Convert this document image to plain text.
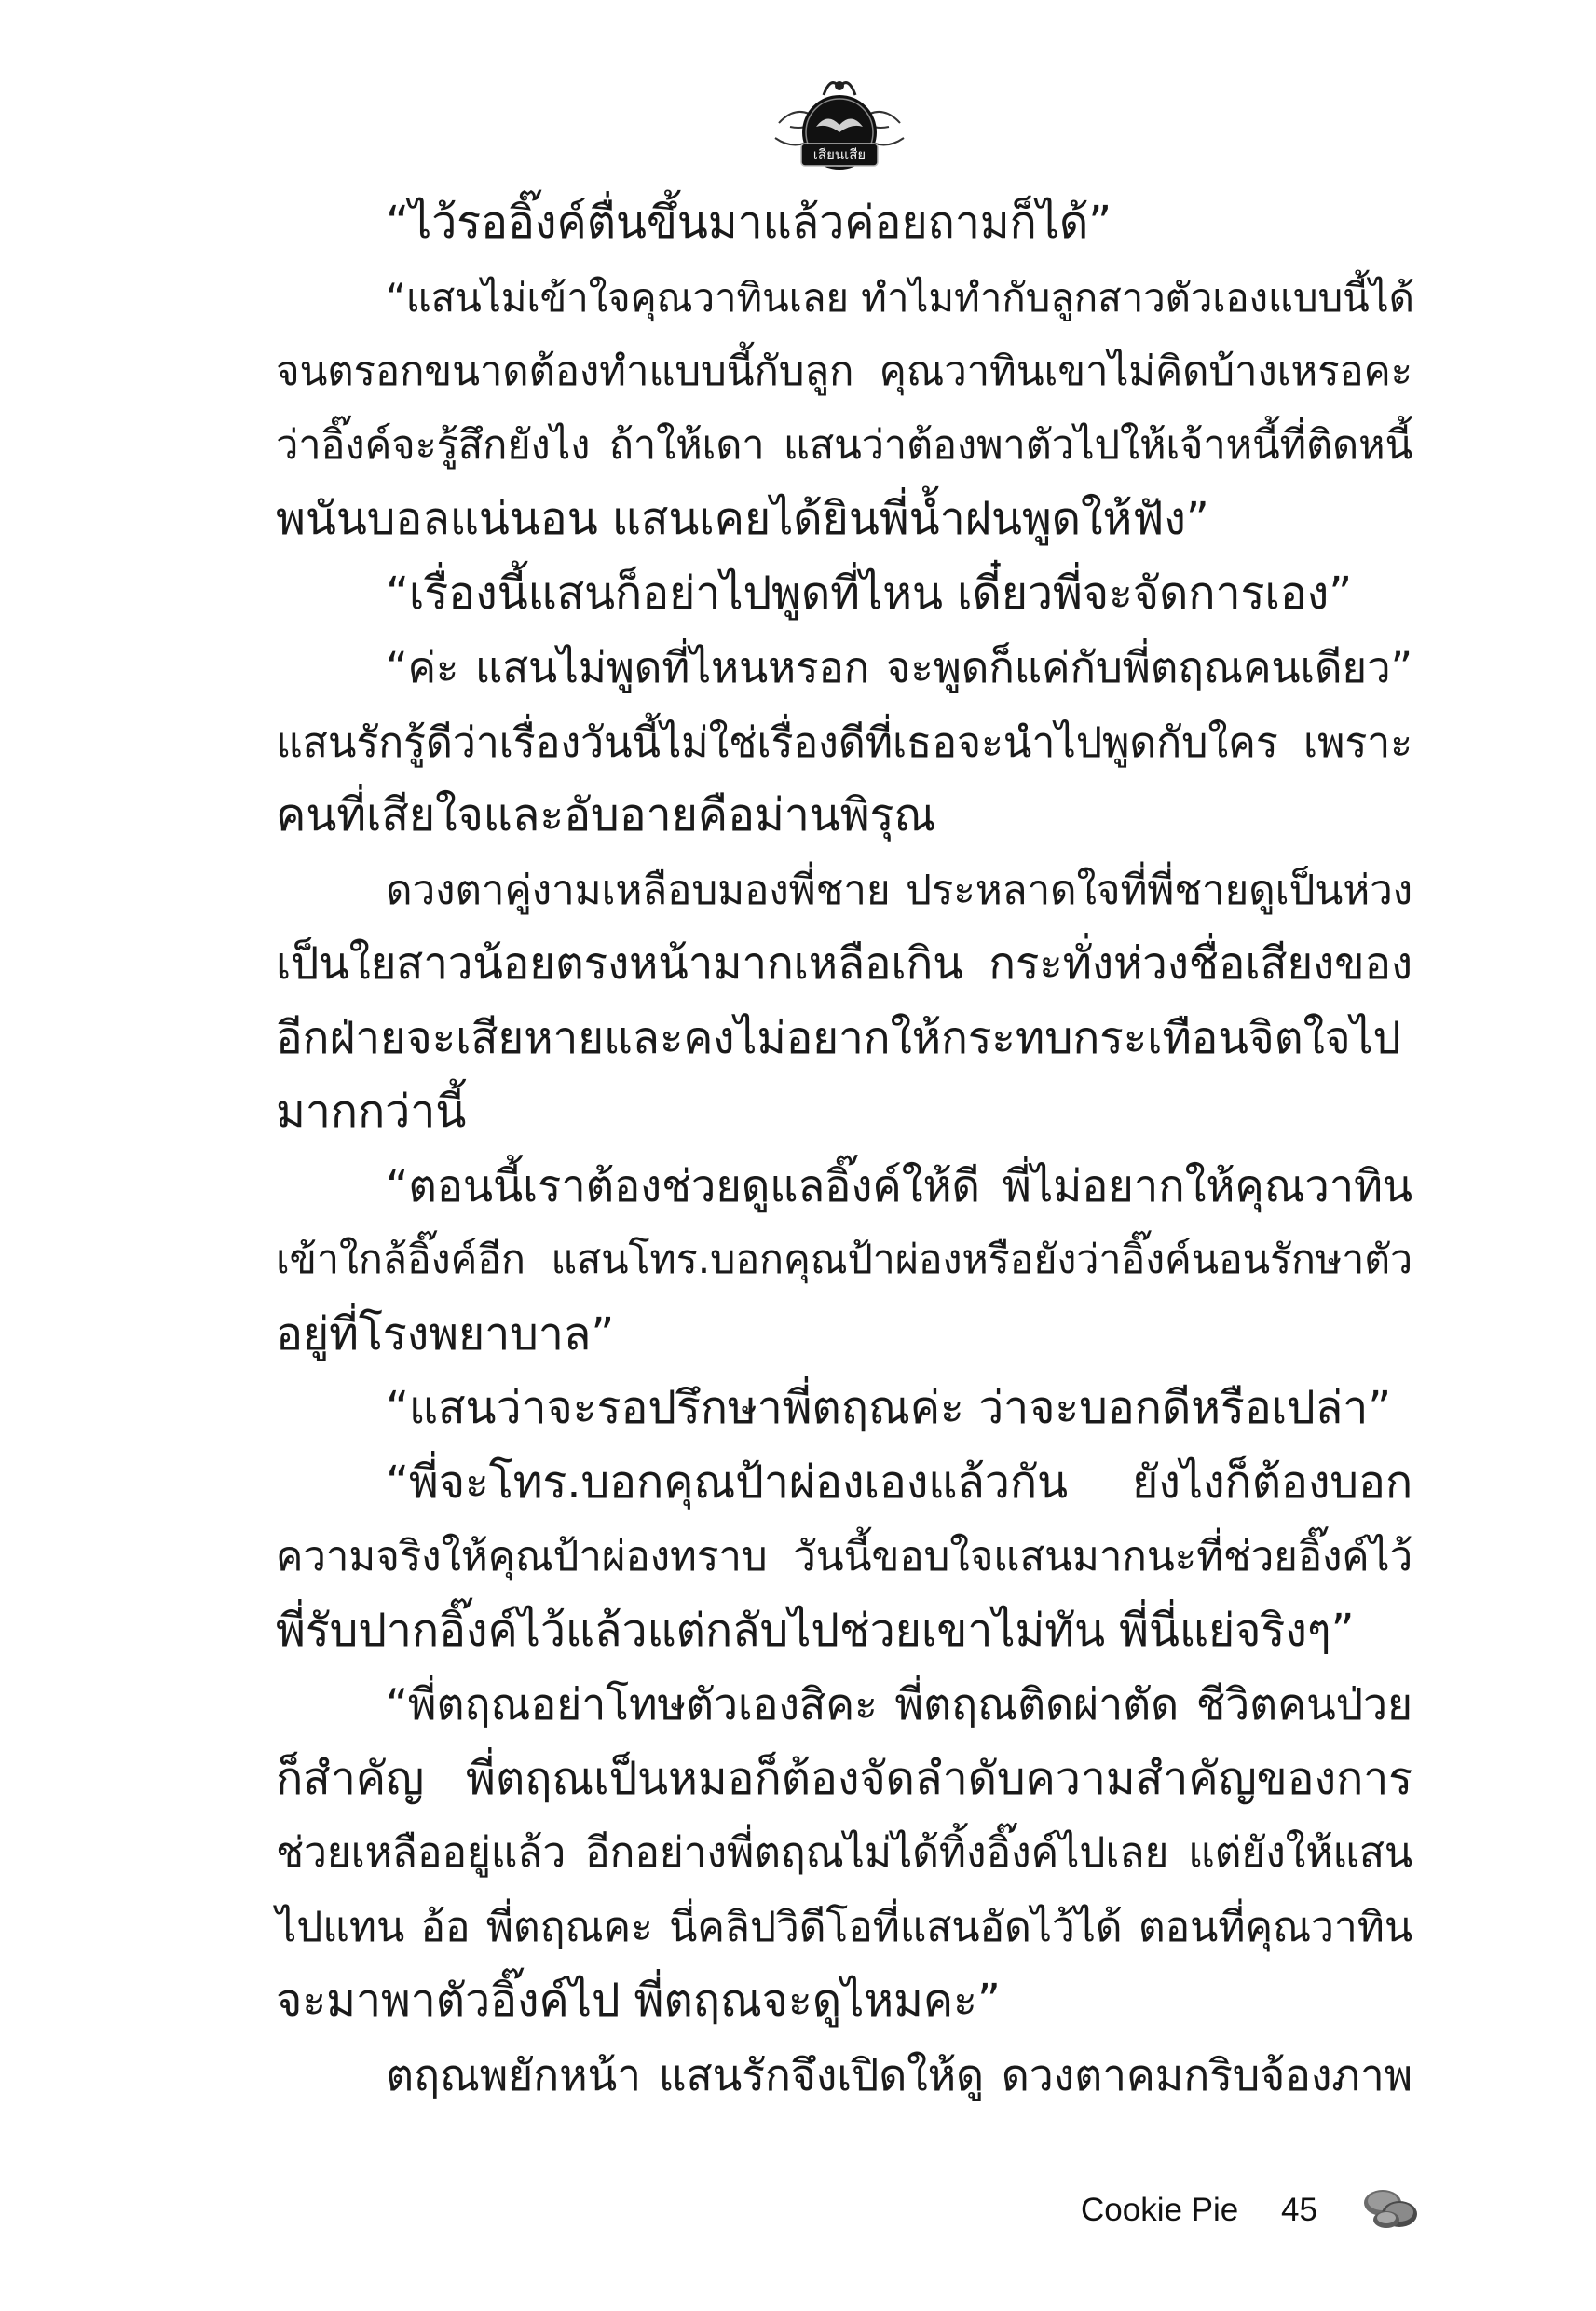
เสียนเสีย
“ไว้รออิ๊งค์ตื่นขึ้นมาแล้วค่อยถามก็ได้”
“แสนไม่เข้าใจคุณวาทินเลย ทำไมทำกับลูกสาวตัวเองแบบนี้ได้
จนตรอกขนาดต้องทำแบบนี้กับลูก คุณวาทินเขาไม่คิดบ้างเหรอคะ
ว่าอิ๊งค์จะรู้สึกยังไง ถ้าให้เดา แสนว่าต้องพาตัวไปให้เจ้าหนี้ที่ติดหนี้
พนันบอลแน่นอน แสนเคยได้ยินพี่น้ำฝนพูดให้ฟัง”
“เรื่องนี้แสนก็อย่าไปพูดที่ไหน เดี๋ยวพี่จะจัดการเอง”
“ค่ะ แสนไม่พูดที่ไหนหรอก จะพูดก็แค่กับพี่ตฤณคนเดียว”
แสนรักรู้ดีว่าเรื่องวันนี้ไม่ใช่เรื่องดีที่เธอจะนำไปพูดกับใคร เพราะ
คนที่เสียใจและอับอายคือม่านพิรุณ
ดวงตาคู่งามเหลือบมองพี่ชาย ประหลาดใจที่พี่ชายดูเป็นห่วง
เป็นใยสาวน้อยตรงหน้ามากเหลือเกิน กระทั่งห่วงชื่อเสียงของ
อีกฝ่ายจะเสียหายและคงไม่อยากให้กระทบกระเทือนจิตใจไป
มากกว่านี้
“ตอนนี้เราต้องช่วยดูแลอิ๊งค์ให้ดี พี่ไม่อยากให้คุณวาทิน
เข้าใกล้อิ๊งค์อีก แสนโทร.บอกคุณป้าผ่องหรือยังว่าอิ๊งค์นอนรักษาตัว
อยู่ที่โรงพยาบาล”
“แสนว่าจะรอปรึกษาพี่ตฤณค่ะ ว่าจะบอกดีหรือเปล่า”
“พี่จะโทร.บอกคุณป้าผ่องเองแล้วกัน ยังไงก็ต้องบอก
ความจริงให้คุณป้าผ่องทราบ วันนี้ขอบใจแสนมากนะที่ช่วยอิ๊งค์ไว้
พี่รับปากอิ๊งค์ไว้แล้วแต่กลับไปช่วยเขาไม่ทัน พี่นี่แย่จริงๆ”
“พี่ตฤณอย่าโทษตัวเองสิคะ พี่ตฤณติดผ่าตัด ชีวิตคนป่วย
ก็สำคัญ พี่ตฤณเป็นหมอก็ต้องจัดลำดับความสำคัญของการ
ช่วยเหลืออยู่แล้ว อีกอย่างพี่ตฤณไม่ได้ทิ้งอิ๊งค์ไปเลย แต่ยังให้แสน
ไปแทน อ้อ พี่ตฤณคะ นี่คลิปวิดีโอที่แสนอัดไว้ได้ ตอนที่คุณวาทิน
จะมาพาตัวอิ๊งค์ไป พี่ตฤณจะดูไหมคะ”
ตฤณพยักหน้า แสนรักจึงเปิดให้ดู ดวงตาคมกริบจ้องภาพ
Cookie Pie 45
